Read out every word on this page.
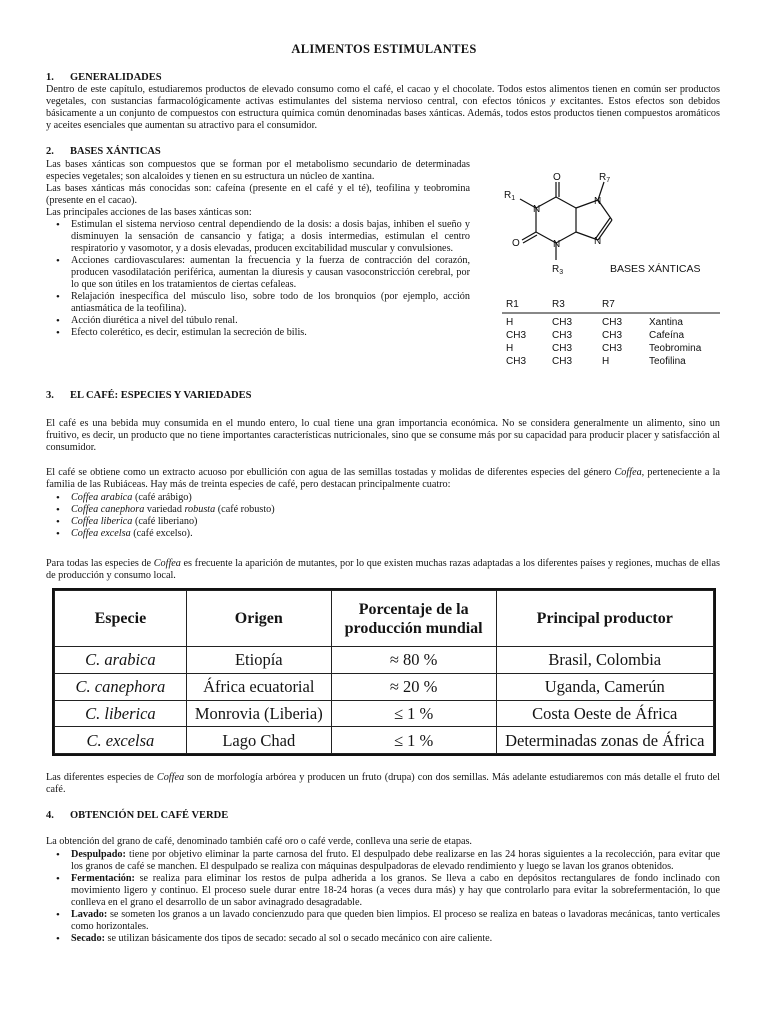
ALIMENTOS ESTIMULANTES
1. GENERALIDADES
Dentro de este capítulo, estudiaremos productos de elevado consumo como el café, el cacao y el chocolate. Todos estos alimentos tienen en común ser productos vegetales, con sustancias farmacológicamente activas estimulantes del sistema nervioso central, con efectos tónicos y excitantes. Estos efectos son debidos básicamente a un conjunto de compuestos con estructura química común denominadas bases xánticas. Además, todos estos productos tienen compuestos aromáticos y aceites esenciales que aumentan su atractivo para el consumidor.
2. BASES XÁNTICAS
Las bases xánticas son compuestos que se forman por el metabolismo secundario de determinadas especies vegetales; son alcaloides y tienen en su estructura un núcleo de xantina.
Las bases xánticas más conocidas son: cafeína (presente en el café y el té), teofilina y teobromina (presente en el cacao).
Las principales acciones de las bases xánticas son:
• Estimulan el sistema nervioso central dependiendo de la dosis: a dosis bajas, inhiben el sueño y disminuyen la sensación de cansancio y fatiga; a dosis intermedias, estimulan el centro respiratorio y vasomotor, y a dosis elevadas, producen excitabilidad muscular y convulsiones.
• Acciones cardiovasculares: aumentan la frecuencia y la fuerza de contracción del corazón, producen vasodilatación periférica, aumentan la diuresis y causan vasoconstricción cerebral, por lo que son útiles en los tratamientos de ciertas cefaleas.
• Relajación inespecífica del músculo liso, sobre todo de los bronquios (por ejemplo, acción antiasmática de la teofilina).
• Acción diurética a nivel del túbulo renal.
• Efecto colerético, es decir, estimulan la secreción de bilis.
N
N
N
N
O
O
$R_1$
$R_3$
$R_7$
BASES XÁNTICAS
R1	R3	R7
H	CH3	CH3	Xantina
CH3	CH3	CH3	Cafeína
H	CH3	CH3	Teobromina
CH3	CH3	H	Teofilina
3. EL CAFÉ: ESPECIES Y VARIEDADES
El café es una bebida muy consumida en el mundo entero, lo cual tiene una gran importancia económica. No se considera generalmente un alimento, sino un fruitivo, es decir, un producto que no tiene importantes características nutricionales, sino que se consume más por su capacidad para producir placer y satisfacción al consumidor.
El café se obtiene como un extracto acuoso por ebullición con agua de las semillas tostadas y molidas de diferentes especies del género Coffea, perteneciente a la familia de las Rubiáceas. Hay más de treinta especies de café, pero destacan principalmente cuatro:
• Coffea arabica (café arábigo)
• Coffea canephora variedad robusta (café robusto)
• Coffea liberica (café liberiano)
• Coffea excelsa (café excelso).
Para todas las especies de Coffea es frecuente la aparición de mutantes, por lo que existen muchas razas adaptadas a los diferentes países y regiones, muchas de ellas de producción y consumo local.
Especie	Origen	Porcentaje de la producción mundial	Principal productor
C. arabica	Etiopía	≈ 80 %	Brasil, Colombia
C. canephora	África ecuatorial	≈ 20 %	Uganda, Camerún
C. liberica	Monrovia (Liberia)	≤ 1 %	Costa Oeste de África
C. excelsa	Lago Chad	≤ 1 %	Determinadas zonas de África
Las diferentes especies de Coffea son de morfología arbórea y producen un fruto (drupa) con dos semillas. Más adelante estudiaremos con más detalle el fruto del café.
4. OBTENCIÓN DEL CAFÉ VERDE
La obtención del grano de café, denominado también café oro o café verde, conlleva una serie de etapas.
• Despulpado: tiene por objetivo eliminar la parte carnosa del fruto. El despulpado debe realizarse en las 24 horas siguientes a la recolección, para evitar que los granos de café se manchen. El despulpado se realiza con máquinas despulpadoras de elevado rendimiento y luego se lavan los granos obtenidos.
• Fermentación: se realiza para eliminar los restos de pulpa adherida a los granos. Se lleva a cabo en depósitos rectangulares de fondo inclinado con movimiento ligero y continuo. El proceso suele durar entre 18-24 horas (a veces dura más) y hay que controlarlo para evitar la sobrefermentación, lo que conlleva en el grano el desarrollo de un sabor avinagrado desagradable.
• Lavado: se someten los granos a un lavado concienzudo para que queden bien limpios. El proceso se realiza en bateas o lavadoras mecánicas, tanto verticales como horizontales.
• Secado: se utilizan básicamente dos tipos de secado: secado al sol o secado mecánico con aire caliente.
